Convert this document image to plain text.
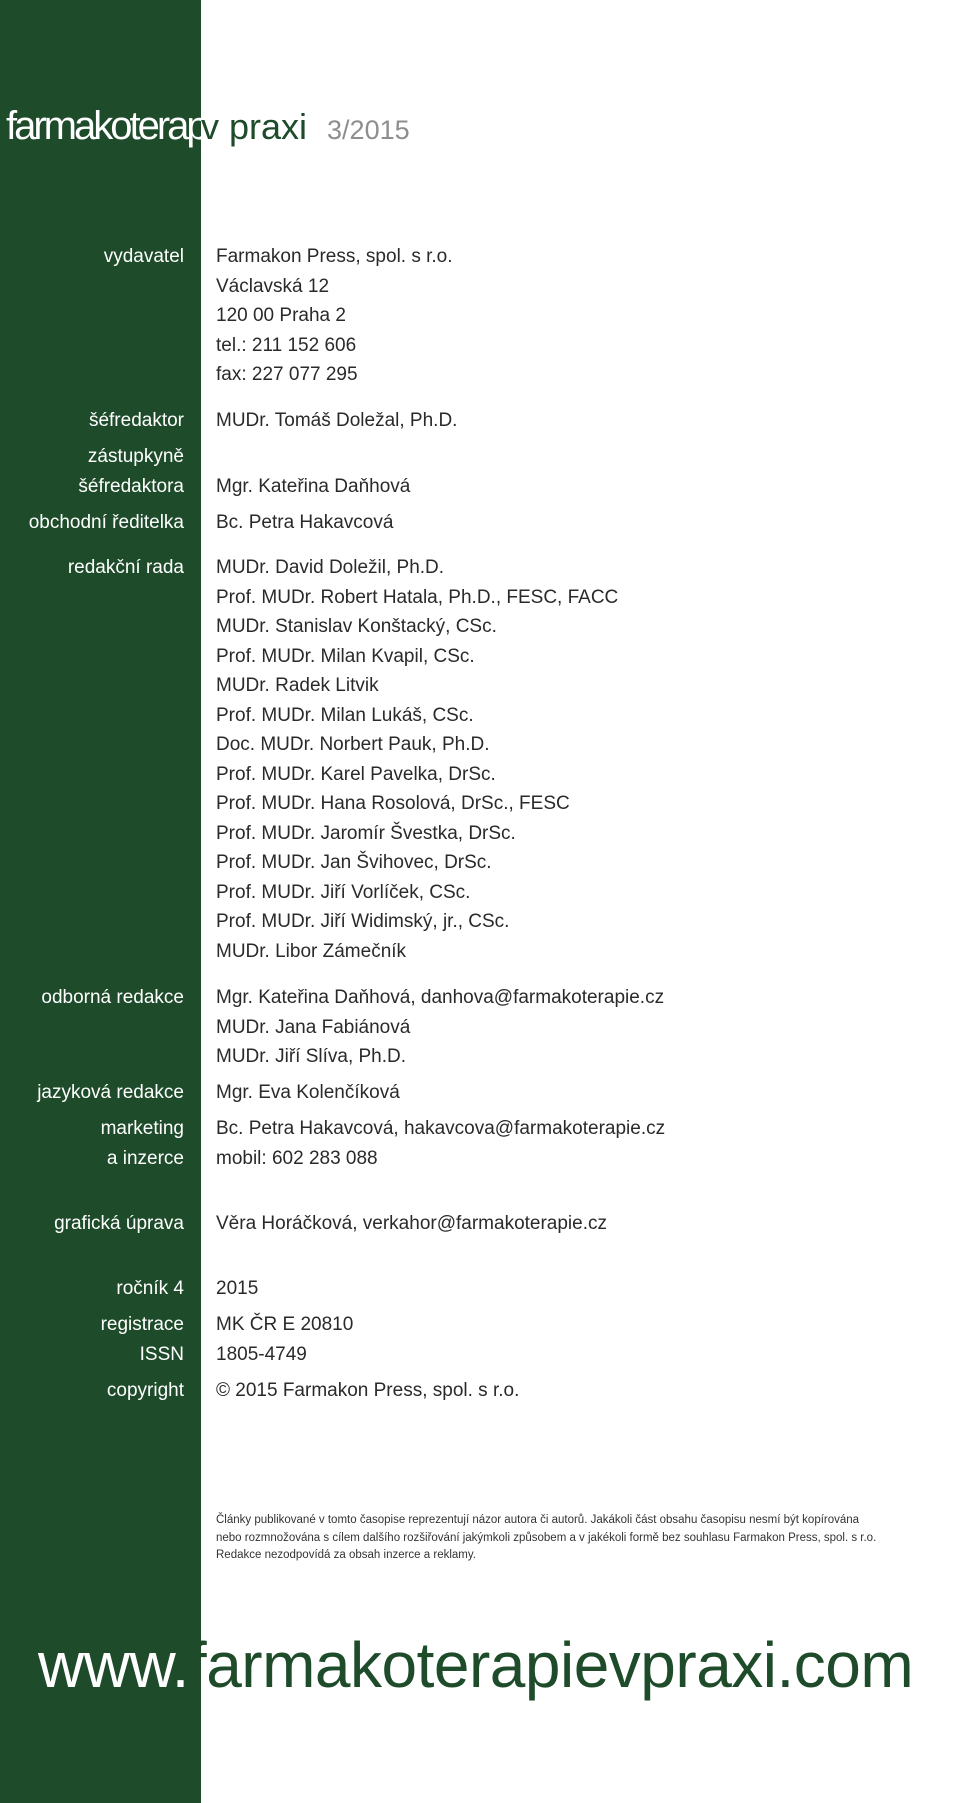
farmakoterapie
v praxi 3/2015
vydavatel Farmakon Press, spol. s r.o.
Václavská 12
120 00 Praha 2
tel.: 211 152 606
fax: 227 077 295
šéfredaktor MUDr. Tomáš Doležal, Ph.D.
zástupkyně
šéfredaktora Mgr. Kateřina Daňhová
obchodní ředitelka Bc. Petra Hakavcová
redakční rada MUDr. David Doležil, Ph.D.
Prof. MUDr. Robert Hatala, Ph.D., FESC, FACC
MUDr. Stanislav Konštacký, CSc.
Prof. MUDr. Milan Kvapil, CSc.
MUDr. Radek Litvik
Prof. MUDr. Milan Lukáš, CSc.
Doc. MUDr. Norbert Pauk, Ph.D.
Prof. MUDr. Karel Pavelka, DrSc.
Prof. MUDr. Hana Rosolová, DrSc., FESC
Prof. MUDr. Jaromír Švestka, DrSc.
Prof. MUDr. Jan Švihovec, DrSc.
Prof. MUDr. Jiří Vorlíček, CSc.
Prof. MUDr. Jiří Widimský, jr., CSc.
MUDr. Libor Zámečník
odborná redakce Mgr. Kateřina Daňhová, danhova@farmakoterapie.cz
MUDr. Jana Fabiánová
MUDr. Jiří Slíva, Ph.D.
jazyková redakce Mgr. Eva Kolenčíková
marketing
a inzerce
Bc. Petra Hakavcová, hakavcova@farmakoterapie.cz
mobil: 602 283 088
grafická úprava Věra Horáčková, verkahor@farmakoterapie.cz
ročník 4 2015
registrace
ISSN
MK ČR E 20810
1805-4749
copyright © 2015 Farmakon Press, spol. s r.o.
Články publikované v tomto časopise reprezentují názor autora či autorů. Jakákoli část obsahu časopisu nesmí být kopírována
nebo rozmnožována s cílem dalšího rozšiřování jakýmkoli způsobem a v jakékoli formě bez souhlasu Farmakon Press, spol. s r.o.
Redakce nezodpovídá za obsah inzerce a reklamy.
www.farmakoterapievpraxi.com
